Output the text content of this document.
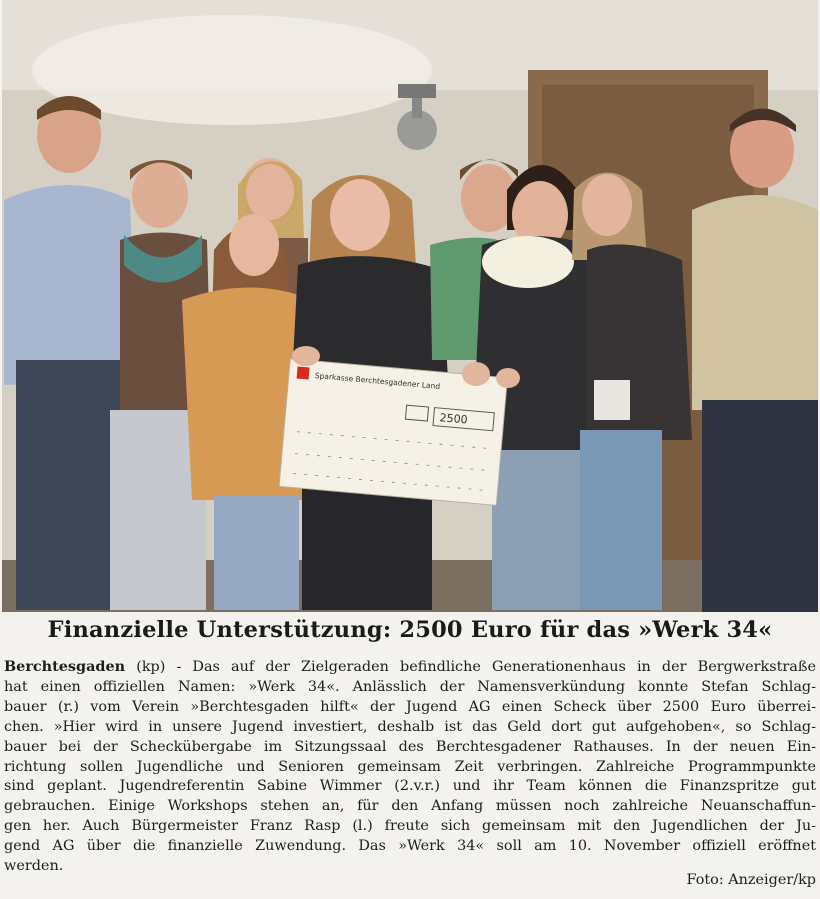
Sparkasse Berchtesgadener Land
2500
Finanzielle Unterstützung: 2500 Euro für das »Werk 34«
Berchtesgaden (kp) - Das auf der Zielgeraden befindliche Generationenhaus in der Bergwerkstraße
hat einen offiziellen Namen: »Werk 34«. Anlässlich der Namensverkündung konnte Stefan Schlag-
bauer (r.) vom Verein »Berchtesgaden hilft« der Jugend AG einen Scheck über 2500 Euro überrei-
chen. »Hier wird in unsere Jugend investiert, deshalb ist das Geld dort gut aufgehoben«, so Schlag-
bauer bei der Scheckübergabe im Sitzungssaal des Berchtesgadener Rathauses. In der neuen Ein-
richtung sollen Jugendliche und Senioren gemeinsam Zeit verbringen. Zahlreiche Programmpunkte
sind geplant. Jugendreferentin Sabine Wimmer (2.v.r.) und ihr Team können die Finanzspritze gut
gebrauchen. Einige Workshops stehen an, für den Anfang müssen noch zahlreiche Neuanschaffun-
gen her. Auch Bürgermeister Franz Rasp (l.) freute sich gemeinsam mit den Jugendlichen der Ju-
gend AG über die finanzielle Zuwendung. Das »Werk 34« soll am 10. November offiziell eröffnet
werden.
Foto: Anzeiger/kp
